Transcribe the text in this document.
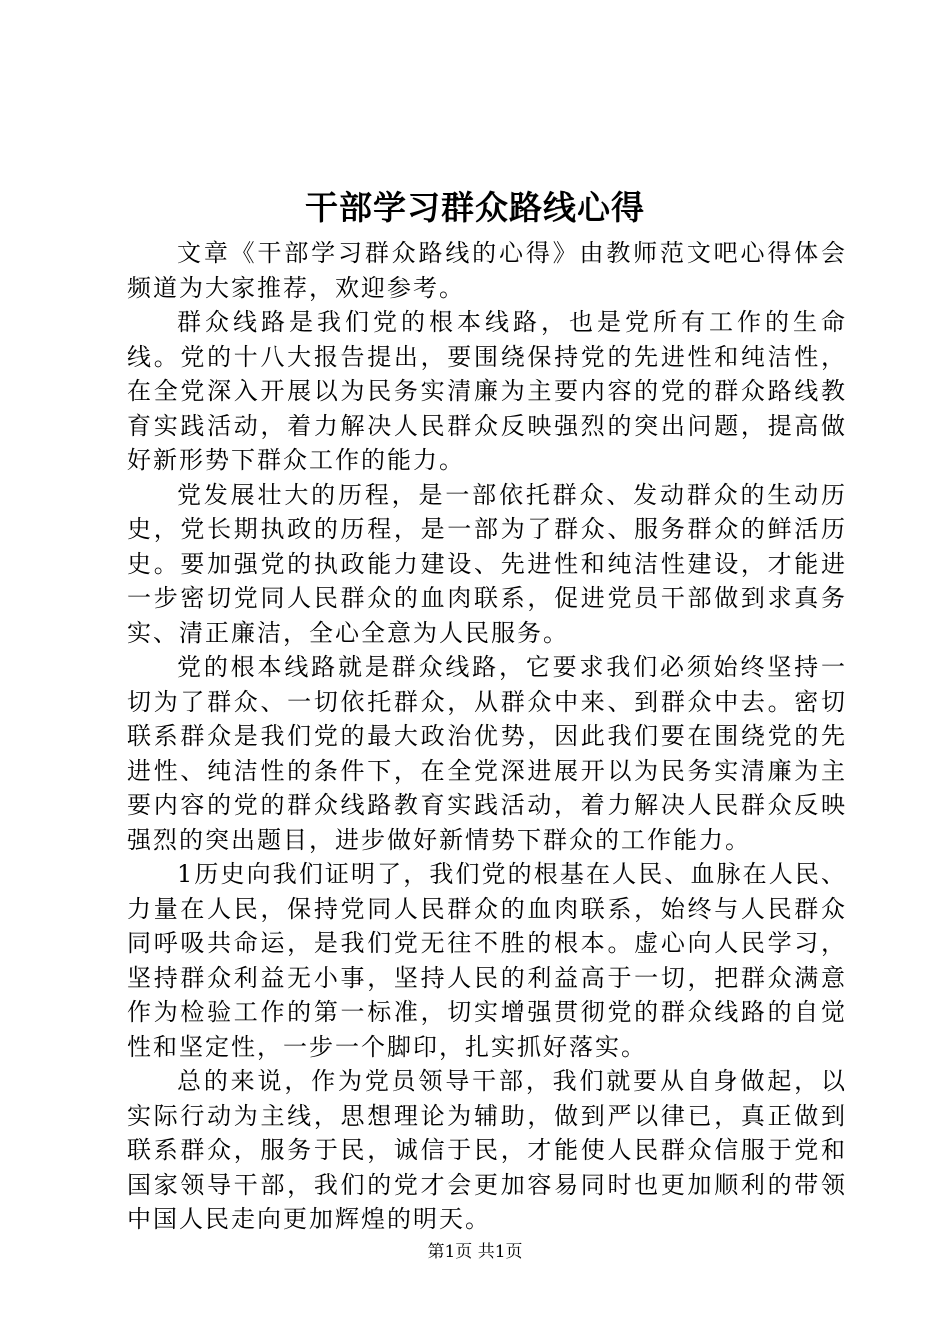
干部学习群众路线心得

文章《干部学习群众路线的心得》由教师范文吧心得体会频道为大家推荐，欢迎参考。

群众线路是我们党的根本线路，也是党所有工作的生命线。党的十八大报告提出，要围绕保持党的先进性和纯洁性，在全党深入开展以为民务实清廉为主要内容的党的群众路线教育实践活动，着力解决人民群众反映强烈的突出问题，提高做好新形势下群众工作的能力。

党发展壮大的历程，是一部依托群众、发动群众的生动历史，党长期执政的历程，是一部为了群众、服务群众的鲜活历史。要加强党的执政能力建设、先进性和纯洁性建设，才能进一步密切党同人民群众的血肉联系，促进党员干部做到求真务实、清正廉洁，全心全意为人民服务。

党的根本线路就是群众线路，它要求我们必须始终坚持一切为了群众、一切依托群众，从群众中来、到群众中去。密切联系群众是我们党的最大政治优势，因此我们要在围绕党的先进性、纯洁性的条件下，在全党深进展开以为民务实清廉为主要内容的党的群众线路教育实践活动，着力解决人民群众反映强烈的突出题目，进步做好新情势下群众的工作能力。

1历史向我们证明了，我们党的根基在人民、血脉在人民、力量在人民，保持党同人民群众的血肉联系，始终与人民群众同呼吸共命运，是我们党无往不胜的根本。虚心向人民学习，坚持群众利益无小事，坚持人民的利益高于一切，把群众满意作为检验工作的第一标准，切实增强贯彻党的群众线路的自觉性和坚定性，一步一个脚印，扎实抓好落实。

总的来说，作为党员领导干部，我们就要从自身做起，以实际行动为主线，思想理论为辅助，做到严以律已，真正做到联系群众，服务于民，诚信于民，才能使人民群众信服于党和国家领导干部，我们的党才会更加容易同时也更加顺利的带领中国人民走向更加辉煌的明天。

第1页 共1页
